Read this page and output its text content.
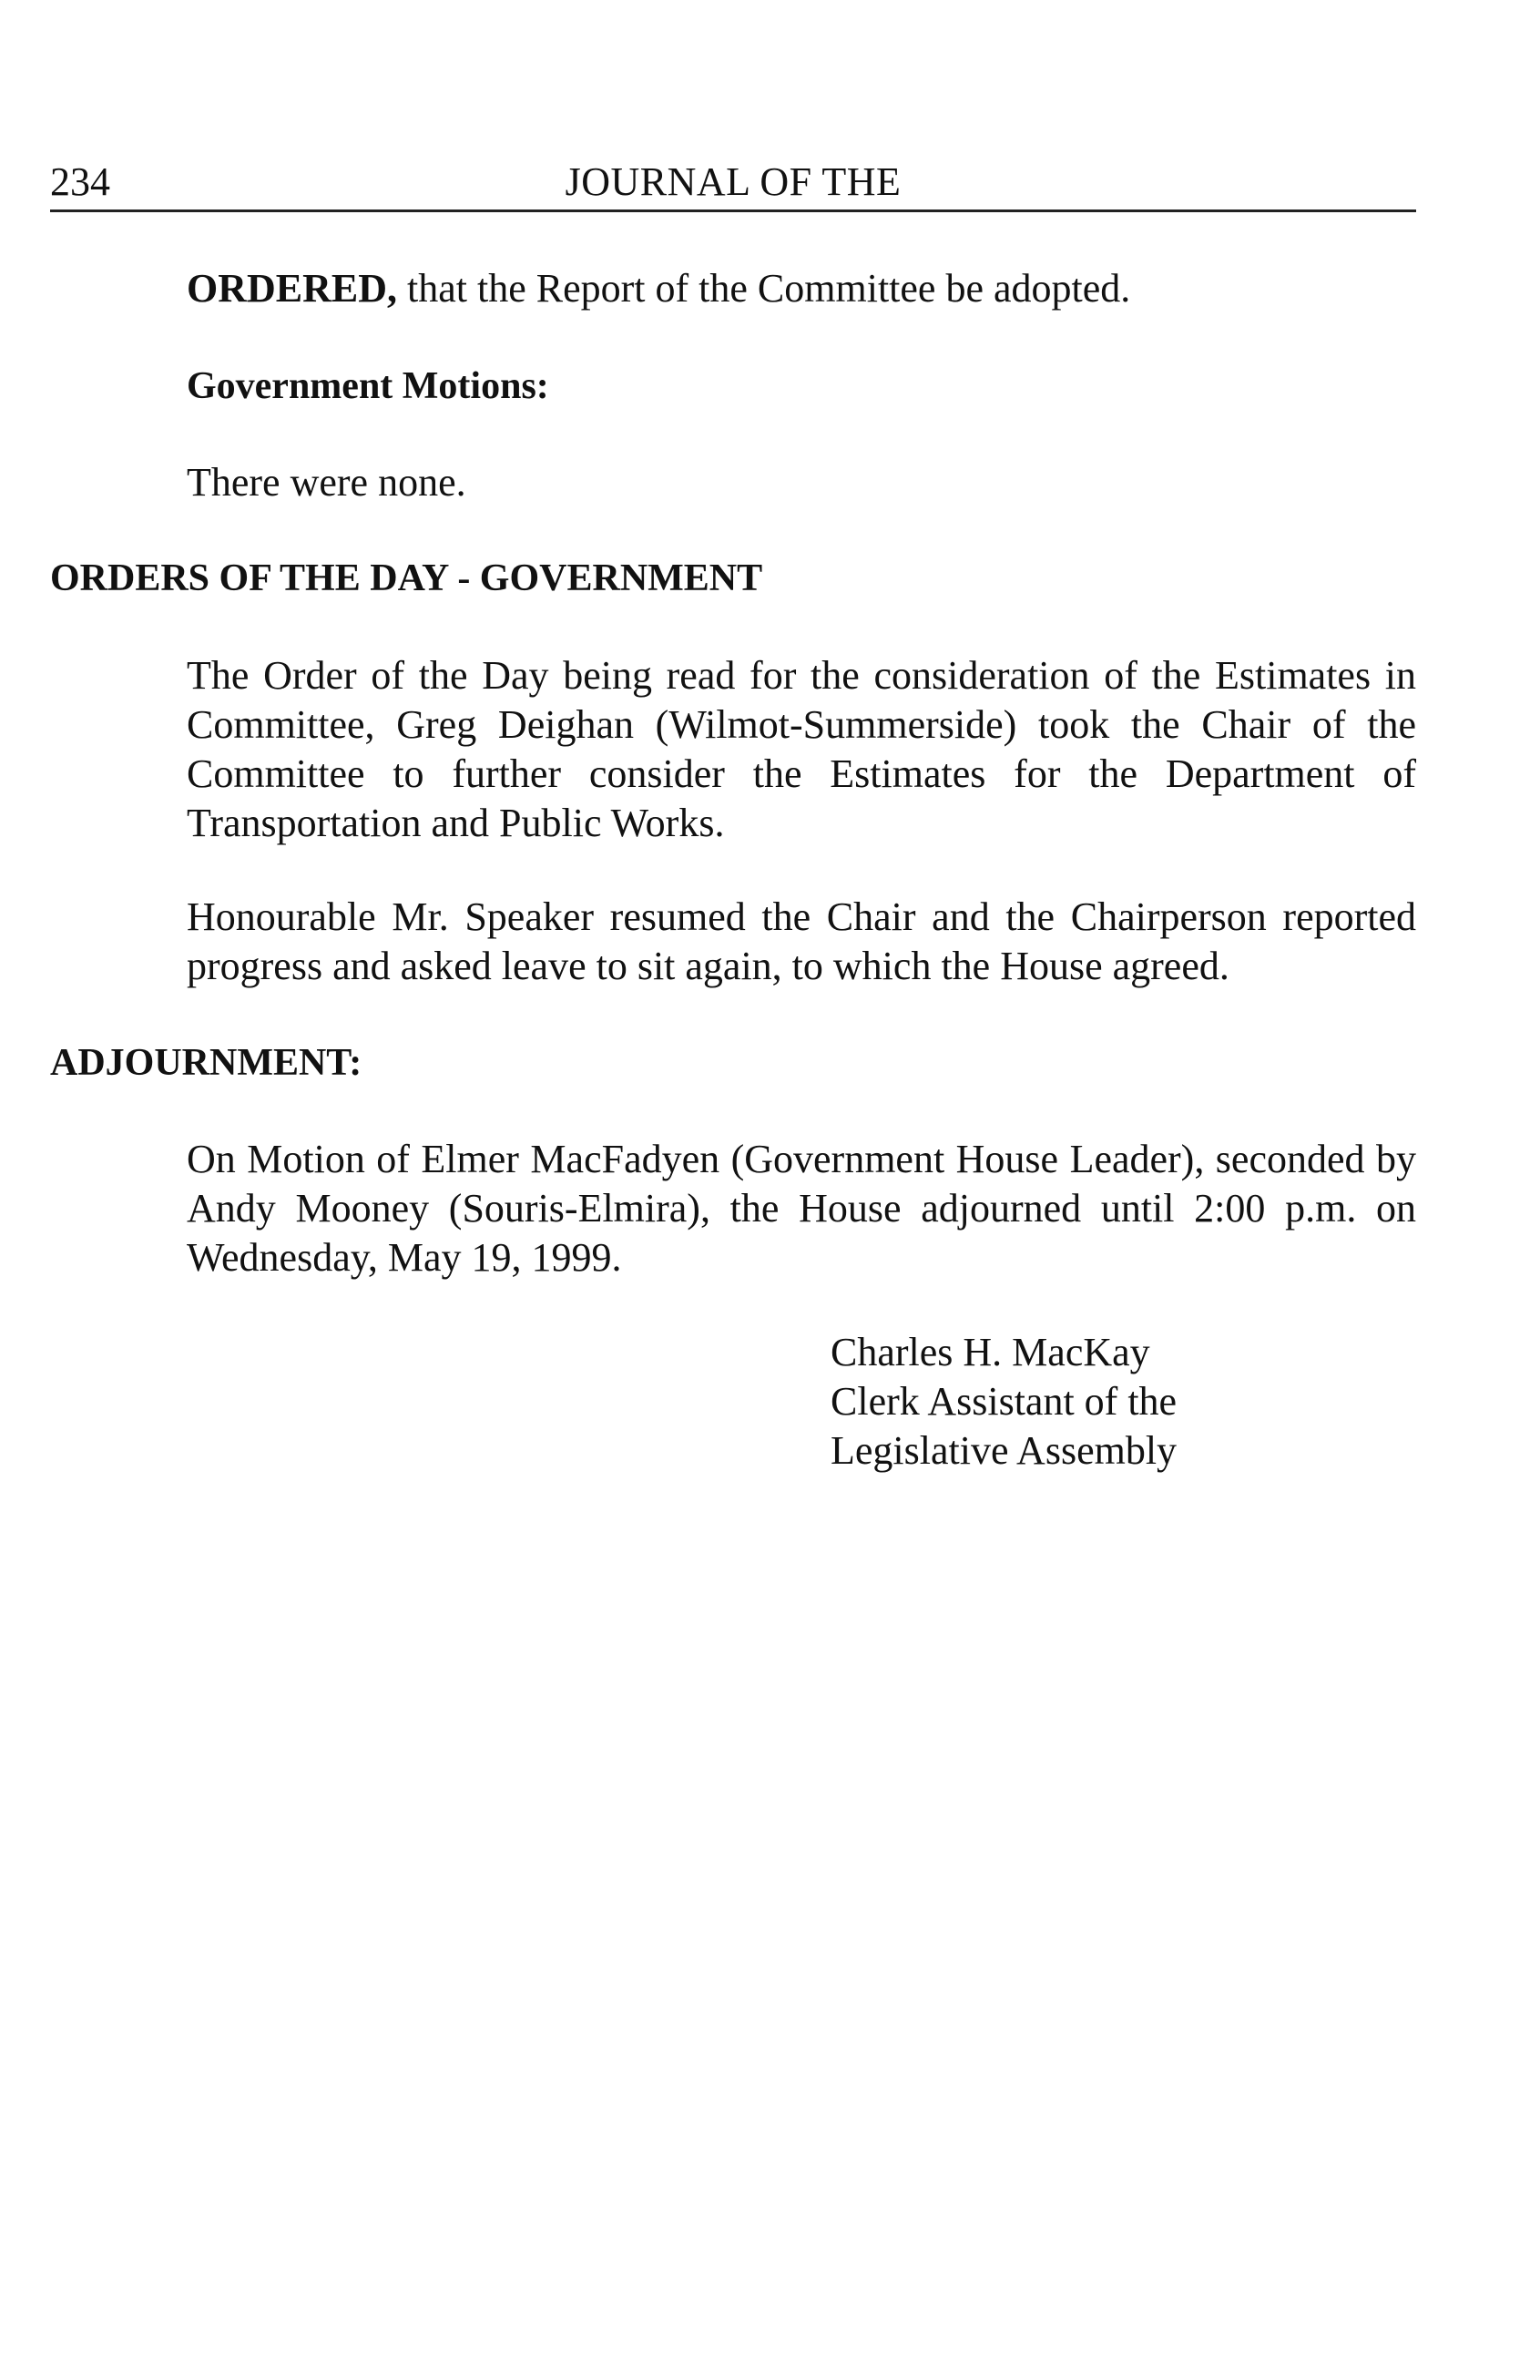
234	JOURNAL OF THE
ORDERED, that the Report of the Committee be adopted.
Government Motions:
There were none.
ORDERS OF THE DAY - GOVERNMENT
The Order of the Day being read for the consideration of the Estimates in
Committee, Greg Deighan (Wilmot-Summerside) took the Chair of the
Committee to further consider the Estimates for the Department of
Transportation and Public Works.
Honourable Mr. Speaker resumed the Chair and the Chairperson reported
progress and asked leave to sit again, to which the House agreed.
ADJOURNMENT:
On Motion of Elmer MacFadyen (Government House Leader), seconded by
Andy Mooney (Souris-Elmira), the House adjourned until 2:00 p.m. on
Wednesday, May 19, 1999.
Charles H. MacKay
Clerk Assistant of the
Legislative Assembly
